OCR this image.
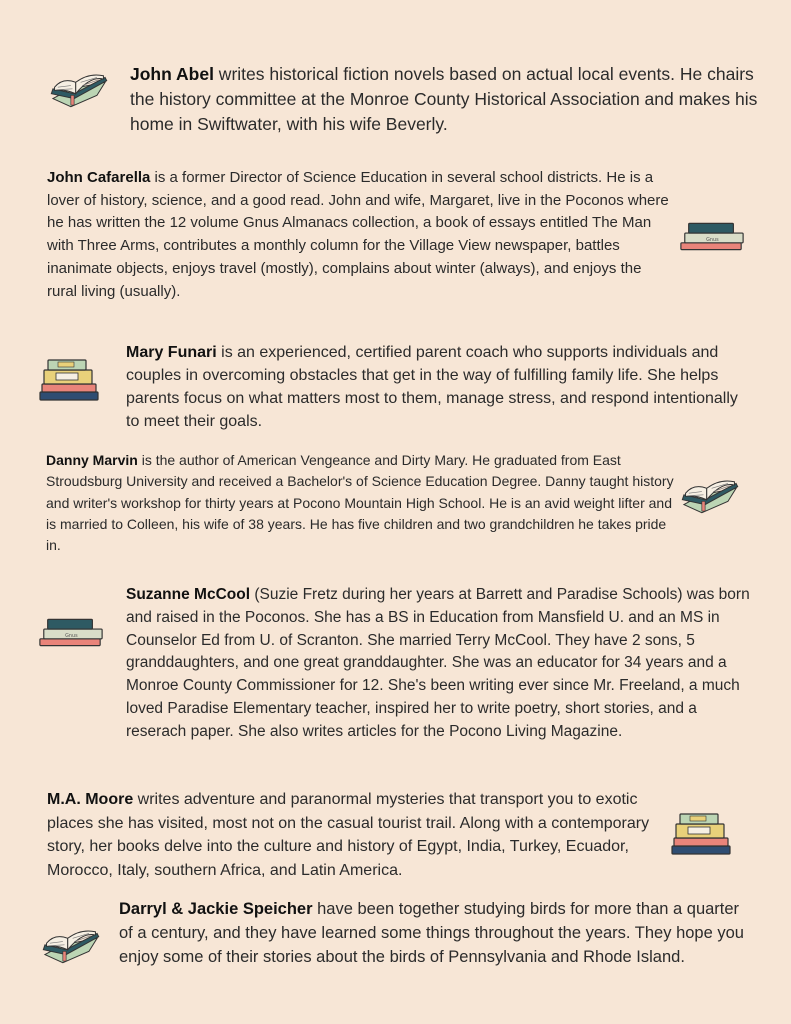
John Abel writes historical fiction novels based on actual local events. He chairs the history committee at the Monroe County Historical Association and makes his home in Swiftwater, with his wife Beverly.

John Cafarella is a former Director of Science Education in several school districts. He is a lover of history, science, and a good read. John and wife, Margaret, live in the Poconos where he has written the 12 volume Gnus Almanacs collection, a book of essays entitled The Man with Three Arms, contributes a monthly column for the Village View newspaper, battles inanimate objects, enjoys travel (mostly), complains about winter (always), and enjoys the rural living (usually).

Mary Funari is an experienced, certified parent coach who supports individuals and couples in overcoming obstacles that get in the way of fulfilling family life. She helps parents focus on what matters most to them, manage stress, and respond intentionally to meet their goals.

Danny Marvin is the author of American Vengeance and Dirty Mary. He graduated from East Stroudsburg University and received a Bachelor's of Science Education Degree. Danny taught history and writer's workshop for thirty years at Pocono Mountain High School. He is an avid weight lifter and is married to Colleen, his wife of 38 years. He has five children and two grandchildren he takes pride in.

Suzanne McCool (Suzie Fretz during her years at Barrett and Paradise Schools) was born and raised in the Poconos. She has a BS in Education from Mansfield U. and an MS in Counselor Ed from U. of Scranton. She married Terry McCool. They have 2 sons, 5 granddaughters, and one great granddaughter. She was an educator for 34 years and a Monroe County Commissioner for 12. She's been writing ever since Mr. Freeland, a much loved Paradise Elementary teacher, inspired her to write poetry, short stories, and a reserach paper. She also writes articles for the Pocono Living Magazine.

M.A. Moore writes adventure and paranormal mysteries that transport you to exotic places she has visited, most not on the casual tourist trail. Along with a contemporary story, her books delve into the culture and history of Egypt, India, Turkey, Ecuador, Morocco, Italy, southern Africa, and Latin America.

Darryl & Jackie Speicher have been together studying birds for more than a quarter of a century, and they have learned some things throughout the years. They hope you enjoy some of their stories about the birds of Pennsylvania and Rhode Island.
